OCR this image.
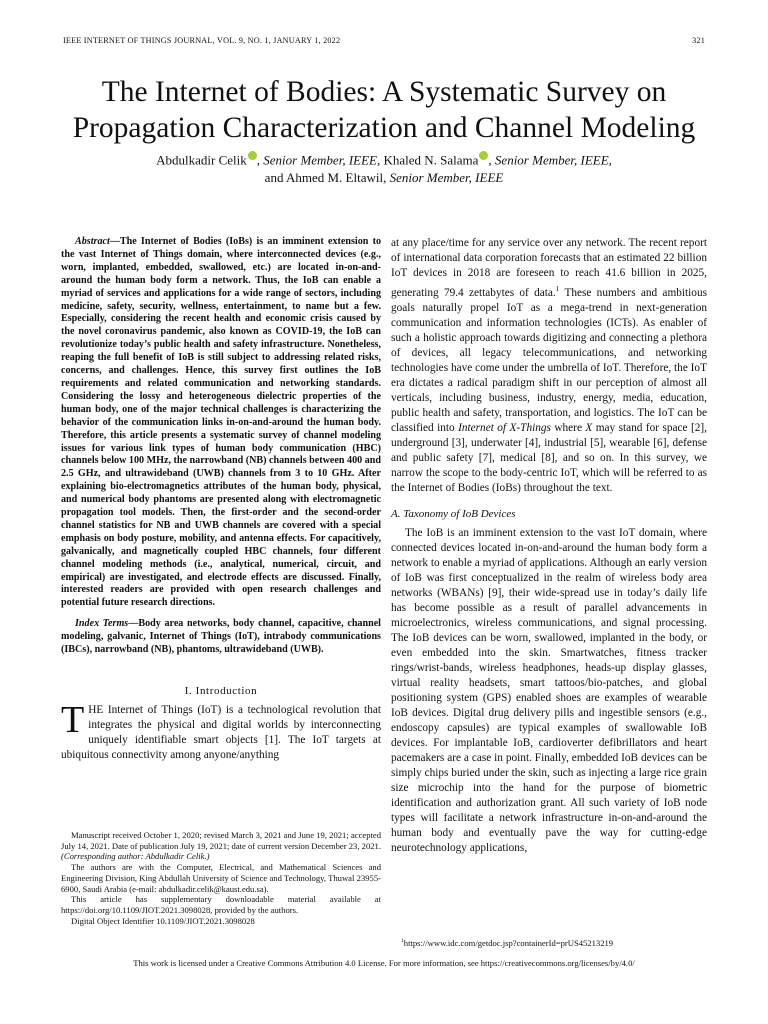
IEEE INTERNET OF THINGS JOURNAL, VOL. 9, NO. 1, JANUARY 1, 2022	321
The Internet of Bodies: A Systematic Survey on
Propagation Characterization and Channel Modeling
Abdulkadir Celik , Senior Member, IEEE, Khaled N. Salama , Senior Member, IEEE,
and Ahmed M. Eltawil, Senior Member, IEEE

Abstract—The Internet of Bodies (IoBs) is an imminent extension to the vast Internet of Things domain, where interconnected devices (e.g., worn, implanted, embedded, swallowed, etc.) are located in-on-and-around the human body form a network. Thus, the IoB can enable a myriad of services and applications for a wide range of sectors, including medicine, safety, security, wellness, entertainment, to name but a few. Especially, considering the recent health and economic crisis caused by the novel coronavirus pandemic, also known as COVID-19, the IoB can revolutionize today’s public health and safety infrastructure. Nonetheless, reaping the full benefit of IoB is still subject to addressing related risks, concerns, and challenges. Hence, this survey first outlines the IoB requirements and related communication and networking standards. Considering the lossy and heterogeneous dielectric properties of the human body, one of the major technical challenges is characterizing the behavior of the communication links in-on-and-around the human body. Therefore, this article presents a systematic survey of channel modeling issues for various link types of human body communication (HBC) channels below 100 MHz, the narrowband (NB) channels between 400 and 2.5 GHz, and ultrawideband (UWB) channels from 3 to 10 GHz. After explaining bio-electromagnetics attributes of the human body, physical, and numerical body phantoms are presented along with electromagnetic propagation tool models. Then, the first-order and the second-order channel statistics for NB and UWB channels are covered with a special emphasis on body posture, mobility, and antenna effects. For capacitively, galvanically, and magnetically coupled HBC channels, four different channel modeling methods (i.e., analytical, numerical, circuit, and empirical) are investigated, and electrode effects are discussed. Finally, interested readers are provided with open research challenges and potential future research directions.

Index Terms—Body area networks, body channel, capacitive, channel modeling, galvanic, Internet of Things (IoT), intrabody communications (IBCs), narrowband (NB), phantoms, ultrawideband (UWB).

I. Introduction

THE Internet of Things (IoT) is a technological revolution that integrates the physical and digital worlds by interconnecting uniquely identifiable smart objects [1]. The IoT targets at ubiquitous connectivity among anyone/anything

Manuscript received October 1, 2020; revised March 3, 2021 and June 19, 2021; accepted July 14, 2021. Date of publication July 19, 2021; date of current version December 23, 2021. (Corresponding author: Abdulkadir Celik.)

The authors are with the Computer, Electrical, and Mathematical Sciences and Engineering Division, King Abdullah University of Science and Technology, Thuwal 23955-6900, Saudi Arabia (e-mail: abdulkadir.celik@kaust.edu.sa).

This article has supplementary downloadable material available at https://doi.org/10.1109/JIOT.2021.3098028, provided by the authors.

Digital Object Identifier 10.1109/JIOT.2021.3098028

at any place/time for any service over any network. The recent report of international data corporation forecasts that an estimated 22 billion IoT devices in 2018 are foreseen to reach 41.6 billion in 2025, generating 79.4 zettabytes of data.$^1$ These numbers and ambitious goals naturally propel IoT as a mega-trend in next-generation communication and information technologies (ICTs). As enabler of such a holistic approach towards digitizing and connecting a plethora of devices, all legacy telecommunications, and networking technologies have come under the umbrella of IoT. Therefore, the IoT era dictates a radical paradigm shift in our perception of almost all verticals, including business, industry, energy, media, education, public health and safety, transportation, and logistics. The IoT can be classified into Internet of X-Things where X may stand for space [2], underground [3], underwater [4], industrial [5], wearable [6], defense and public safety [7], medical [8], and so on. In this survey, we narrow the scope to the body-centric IoT, which will be referred to as the Internet of Bodies (IoBs) throughout the text.

A. Taxonomy of IoB Devices

The IoB is an imminent extension to the vast IoT domain, where connected devices located in-on-and-around the human body form a network to enable a myriad of applications. Although an early version of IoB was first conceptualized in the realm of wireless body area networks (WBANs) [9], their wide-spread use in today’s daily life has become possible as a result of parallel advancements in microelectronics, wireless communications, and signal processing. The IoB devices can be worn, swallowed, implanted in the body, or even embedded into the skin. Smartwatches, fitness tracker rings/wrist-bands, wireless headphones, heads-up display glasses, virtual reality headsets, smart tattoos/bio-patches, and global positioning system (GPS) enabled shoes are examples of wearable IoB devices. Digital drug delivery pills and ingestible sensors (e.g., endoscopy capsules) are typical examples of swallowable IoB devices. For implantable IoB, cardioverter defibrillators and heart pacemakers are a case in point. Finally, embedded IoB devices can be simply chips buried under the skin, such as injecting a large rice grain size microchip into the hand for the purpose of biometric identification and authorization grant. All such variety of IoB node types will facilitate a network infrastructure in-on-and-around the human body and eventually pave the way for cutting-edge neurotechnology applications,

$^1$https://www.idc.com/getdoc.jsp?containerId=prUS45213219
This work is licensed under a Creative Commons Attribution 4.0 License. For more information, see https://creativecommons.org/licenses/by/4.0/
